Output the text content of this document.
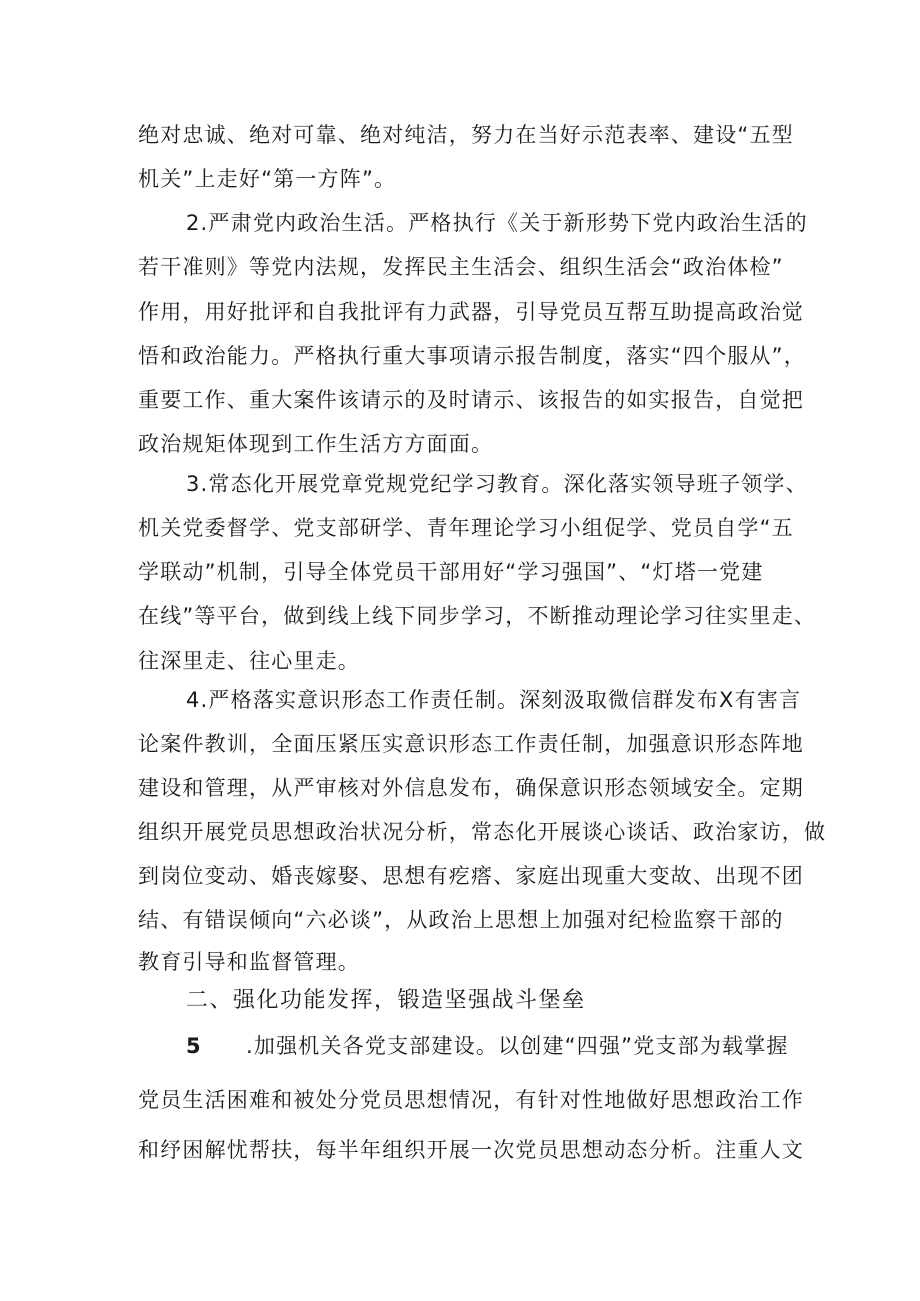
绝对忠诚、绝对可靠、绝对纯洁，努力在当好示范表率、建设“五型
机关”上走好“第一方阵”。
2.严肃党内政治生活。严格执行《关于新形势下党内政治生活的
若干准则》等党内法规，发挥民主生活会、组织生活会“政治体检”
作用，用好批评和自我批评有力武器，引导党员互帮互助提高政治觉
悟和政治能力。严格执行重大事项请示报告制度，落实“四个服从”，
重要工作、重大案件该请示的及时请示、该报告的如实报告，自觉把
政治规矩体现到工作生活方方面面。
3.常态化开展党章党规党纪学习教育。深化落实领导班子领学、
机关党委督学、党支部研学、青年理论学习小组促学、党员自学“五
学联动”机制，引导全体党员干部用好“学习强国”、“灯塔一党建
在线”等平台，做到线上线下同步学习，不断推动理论学习往实里走、
往深里走、往心里走。
4.严格落实意识形态工作责任制。深刻汲取微信群发布X有害言
论案件教训，全面压紧压实意识形态工作责任制，加强意识形态阵地
建设和管理，从严审核对外信息发布，确保意识形态领域安全。定期
组织开展党员思想政治状况分析，常态化开展谈心谈话、政治家访，做
到岗位变动、婚丧嫁娶、思想有疙瘩、家庭出现重大变故、出现不团
结、有错误倾向“六必谈”，从政治上思想上加强对纪检监察干部的
教育引导和监督管理。
二、强化功能发挥，锻造坚强战斗堡垒
5 .加强机关各党支部建设。以创建“四强”党支部为载掌握
党员生活困难和被处分党员思想情况，有针对性地做好思想政治工作
和纾困解忧帮扶，每半年组织开展一次党员思想动态分析。注重人文
